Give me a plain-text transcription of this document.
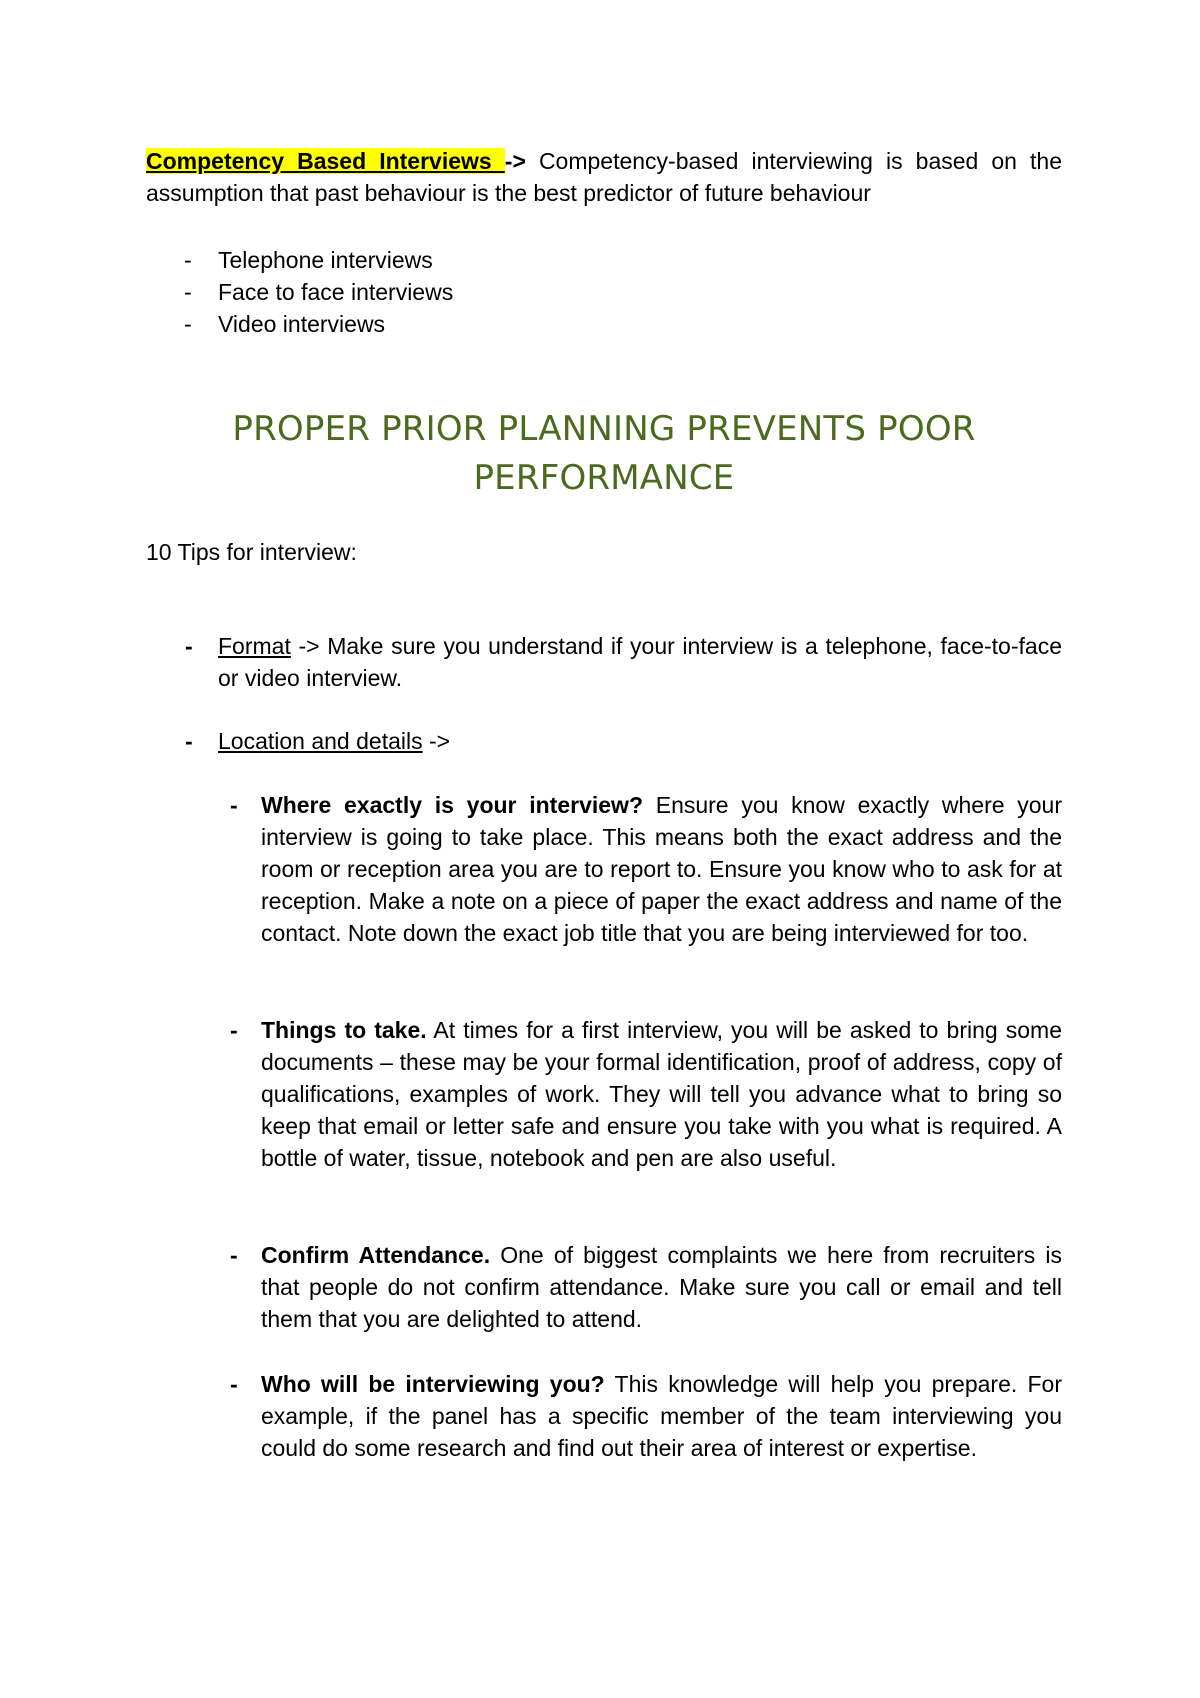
Competency Based Interviews -> Competency-based interviewing is based on the assumption that past behaviour is the best predictor of future behaviour

- Telephone interviews
- Face to face interviews
- Video interviews
PROPER PRIOR PLANNING PREVENTS POOR PERFORMANCE
10 Tips for interview:
- Format -> Make sure you understand if your interview is a telephone, face-to-face or video interview.
- Location and details ->
- Where exactly is your interview? Ensure you know exactly where your interview is going to take place. This means both the exact address and the room or reception area you are to report to. Ensure you know who to ask for at reception. Make a note on a piece of paper the exact address and name of the contact. Note down the exact job title that you are being interviewed for too.
- Things to take. At times for a first interview, you will be asked to bring some documents – these may be your formal identification, proof of address, copy of qualifications, examples of work. They will tell you advance what to bring so keep that email or letter safe and ensure you take with you what is required. A bottle of water, tissue, notebook and pen are also useful.
- Confirm Attendance. One of biggest complaints we here from recruiters is that people do not confirm attendance. Make sure you call or email and tell them that you are delighted to attend.
- Who will be interviewing you? This knowledge will help you prepare. For example, if the panel has a specific member of the team interviewing you could do some research and find out their area of interest or expertise.
